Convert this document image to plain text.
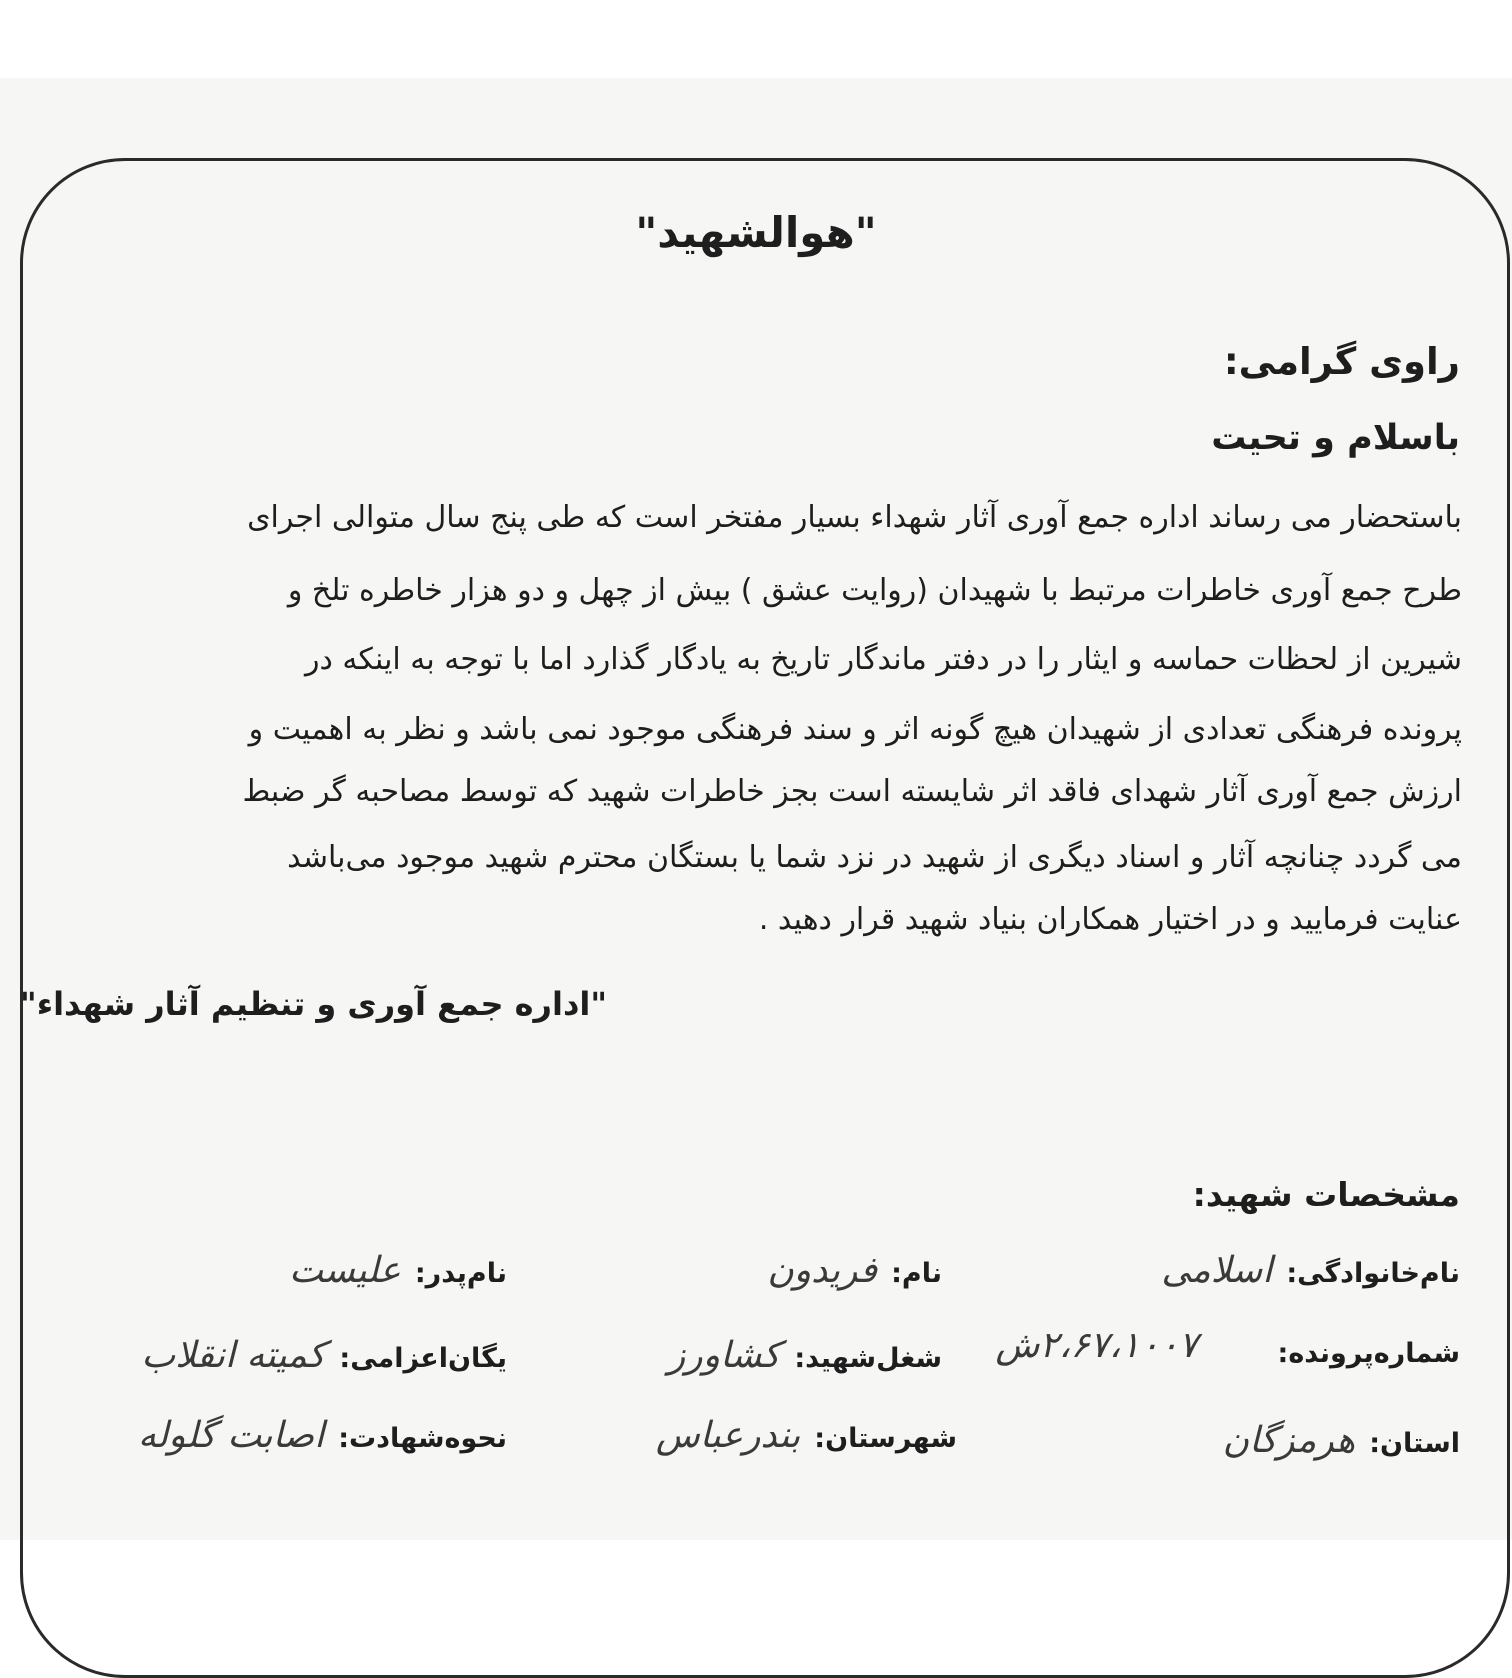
"هوالشهید"
راوی گرامی:
باسلام و تحیت
باستحضار می رساند اداره جمع آوری آثار شهداء بسیار مفتخر است که طی پنج سال متوالی اجرای
طرح جمع آوری خاطرات مرتبط با شهیدان (روایت عشق ) بیش از چهل و دو هزار خاطره تلخ و
شیرین از لحظات حماسه و ایثار را در دفتر ماندگار تاریخ به یادگار گذارد اما با توجه به اینکه در
پرونده فرهنگی تعدادی از شهیدان هیچ گونه اثر و سند فرهنگی موجود نمی باشد و نظر به اهمیت و
ارزش جمع آوری آثار شهدای فاقد اثر شایسته است بجز خاطرات شهید که توسط مصاحبه گر ضبط
می گردد چنانچه آثار و اسناد دیگری از شهید در نزد شما یا بستگان محترم شهید موجود می‌باشد
عنایت فرمایید و در اختیار همکاران بنیاد شهید قرار دهید .
"اداره جمع آوری و تنظیم آثار شهداء"
مشخصات شهید:
نام‌خانوادگی:اسلامی
نام:فریدون
نام‌پدر:علیست
شماره‌پرونده:
۲،۶۷،۱۰۰۷ش
شغل‌شهید:کشاورز
یگان‌اعزامی:کمیته انقلاب
استان:هرمزگان
شهرستان:بندرعباس
نحوه‌شهادت:اصابت گلوله
